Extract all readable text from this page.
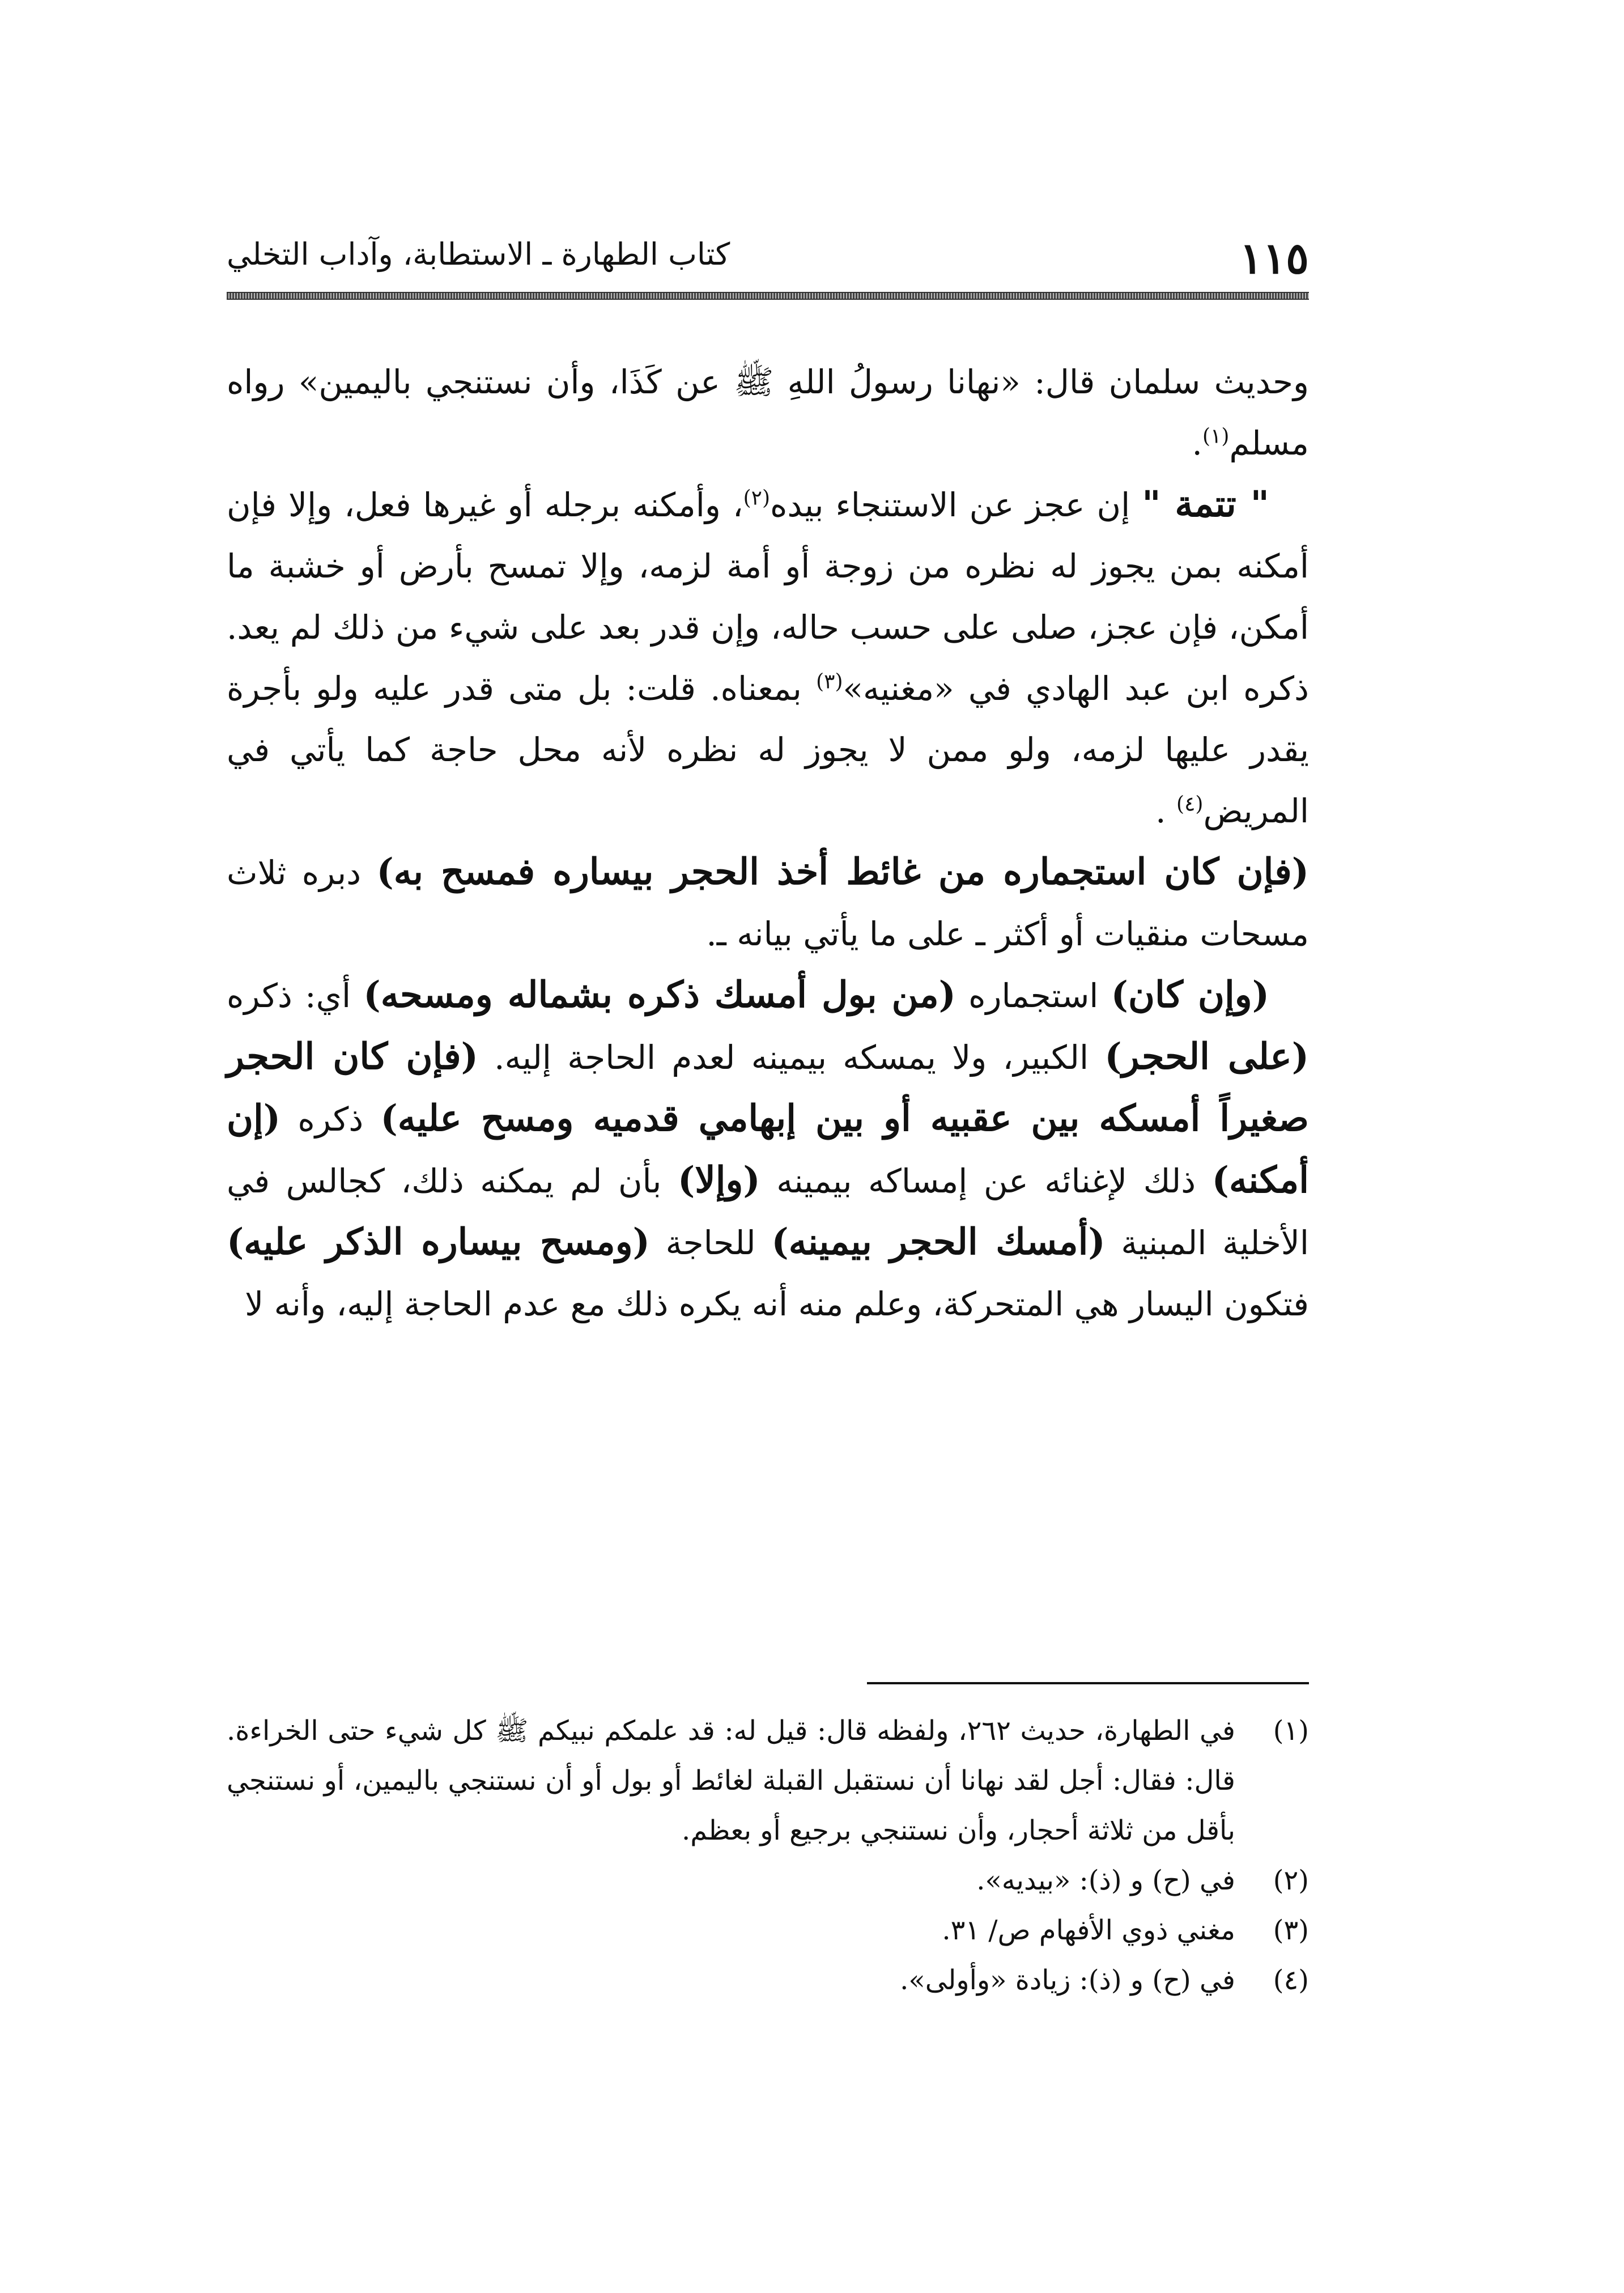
١١٥
كتاب الطهارة ـ الاستطابة، وآداب التخلي

وحديث سلمان قال: «نهانا رسولُ اللهِ ﷺ عن كَذَا، وأن نستنجي باليمين» رواه مسلم$^{(١)}$.

" تتمة " إن عجز عن الاستنجاء بيده$^{(٢)}$، وأمكنه برجله أو غيرها فعل، وإلا فإن أمكنه بمن يجوز له نظره من زوجة أو أمة لزمه، وإلا تمسح بأرض أو خشبة ما أمكن، فإن عجز، صلى على حسب حاله، وإن قدر بعد على شيء من ذلك لم يعد. ذكره ابن عبد الهادي في «مغنيه»$^{(٣)}$ بمعناه. قلت: بل متى قدر عليه ولو بأجرة يقدر عليها لزمه، ولو ممن لا يجوز له نظره لأنه محل حاجة كما يأتي في المريض$^{(٤)}$ .

(فإن كان استجماره من غائط أخذ الحجر بيساره فمسح به) دبره ثلاث مسحات منقيات أو أكثر ـ على ما يأتي بيانه ـ.

(وإن كان) استجماره (من بول أمسك ذكره بشماله ومسحه) أي: ذكره (على الحجر) الكبير، ولا يمسكه بيمينه لعدم الحاجة إليه. (فإن كان الحجر صغيراً أمسكه بين عقبيه أو بين إبهامي قدميه ومسح عليه) ذكره (إن أمكنه) ذلك لإغنائه عن إمساكه بيمينه (وإلا) بأن لم يمكنه ذلك، كجالس في الأخلية المبنية (أمسك الحجر بيمينه) للحاجة (ومسح بيساره الذكر عليه) فتكون اليسار هي المتحركة، وعلم منه أنه يكره ذلك مع عدم الحاجة إليه، وأنه لا

(١)
في الطهارة، حديث ٢٦٢، ولفظه قال: قيل له: قد علمكم نبيكم ﷺ كل شيء حتى الخراءة. قال: فقال: أجل لقد نهانا أن نستقبل القبلة لغائط أو بول أو أن نستنجي باليمين، أو نستنجي بأقل من ثلاثة أحجار، وأن نستنجي برجيع أو بعظم.
(٢)
في (ح) و (ذ): «بيديه».
(٣)
مغني ذوي الأفهام ص/ ٣١.
(٤)
في (ح) و (ذ): زيادة «وأولى».
